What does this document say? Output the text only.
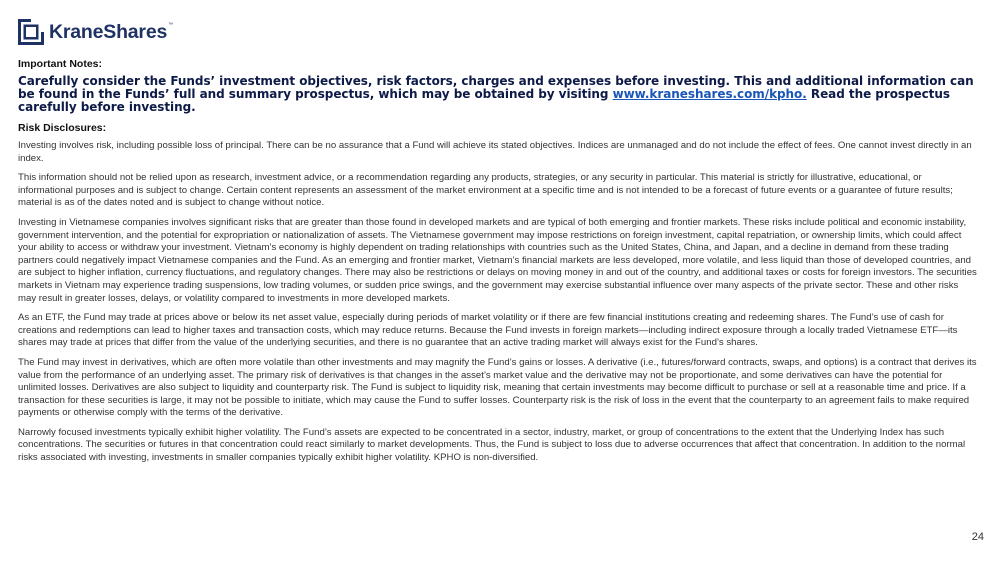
KraneShares™

Important Notes:

Carefully consider the Funds’ investment objectives, risk factors, charges and expenses before investing. This and additional information can be found in the Funds’ full and summary prospectus, which may be obtained by visiting www.kraneshares.com/kpho. Read the prospectus carefully before investing.

Risk Disclosures:

Investing involves risk, including possible loss of principal. There can be no assurance that a Fund will achieve its stated objectives. Indices are unmanaged and do not include the effect of fees. One cannot invest directly in an index.

This information should not be relied upon as research, investment advice, or a recommendation regarding any products, strategies, or any security in particular. This material is strictly for illustrative, educational, or informational purposes and is subject to change. Certain content represents an assessment of the market environment at a specific time and is not intended to be a forecast of future events or a guarantee of future results; material is as of the dates noted and is subject to change without notice.

Investing in Vietnamese companies involves significant risks that are greater than those found in developed markets and are typical of both emerging and frontier markets. These risks include political and economic instability, government intervention, and the potential for expropriation or nationalization of assets. The Vietnamese government may impose restrictions on foreign investment, capital repatriation, or ownership limits, which could affect your ability to access or withdraw your investment. Vietnam’s economy is highly dependent on trading relationships with countries such as the United States, China, and Japan, and a decline in demand from these trading partners could negatively impact Vietnamese companies and the Fund. As an emerging and frontier market, Vietnam’s financial markets are less developed, more volatile, and less liquid than those of developed countries, and are subject to higher inflation, currency fluctuations, and regulatory changes. There may also be restrictions or delays on moving money in and out of the country, and additional taxes or costs for foreign investors. The securities markets in Vietnam may experience trading suspensions, low trading volumes, or sudden price swings, and the government may exercise substantial influence over many aspects of the private sector. These and other risks may result in greater losses, delays, or volatility compared to investments in more developed markets.

As an ETF, the Fund may trade at prices above or below its net asset value, especially during periods of market volatility or if there are few financial institutions creating and redeeming shares. The Fund’s use of cash for creations and redemptions can lead to higher taxes and transaction costs, which may reduce returns. Because the Fund invests in foreign markets—including indirect exposure through a locally traded Vietnamese ETF—its shares may trade at prices that differ from the value of the underlying securities, and there is no guarantee that an active trading market will always exist for the Fund’s shares.

The Fund may invest in derivatives, which are often more volatile than other investments and may magnify the Fund’s gains or losses. A derivative (i.e., futures/forward contracts, swaps, and options) is a contract that derives its value from the performance of an underlying asset. The primary risk of derivatives is that changes in the asset’s market value and the derivative may not be proportionate, and some derivatives can have the potential for unlimited losses. Derivatives are also subject to liquidity and counterparty risk. The Fund is subject to liquidity risk, meaning that certain investments may become difficult to purchase or sell at a reasonable time and price. If a transaction for these securities is large, it may not be possible to initiate, which may cause the Fund to suffer losses. Counterparty risk is the risk of loss in the event that the counterparty to an agreement fails to make required payments or otherwise comply with the terms of the derivative.

Narrowly focused investments typically exhibit higher volatility. The Fund’s assets are expected to be concentrated in a sector, industry, market, or group of concentrations to the extent that the Underlying Index has such concentrations. The securities or futures in that concentration could react similarly to market developments. Thus, the Fund is subject to loss due to adverse occurrences that affect that concentration. In addition to the normal risks associated with investing, investments in smaller companies typically exhibit higher volatility. KPHO is non-diversified.

24
